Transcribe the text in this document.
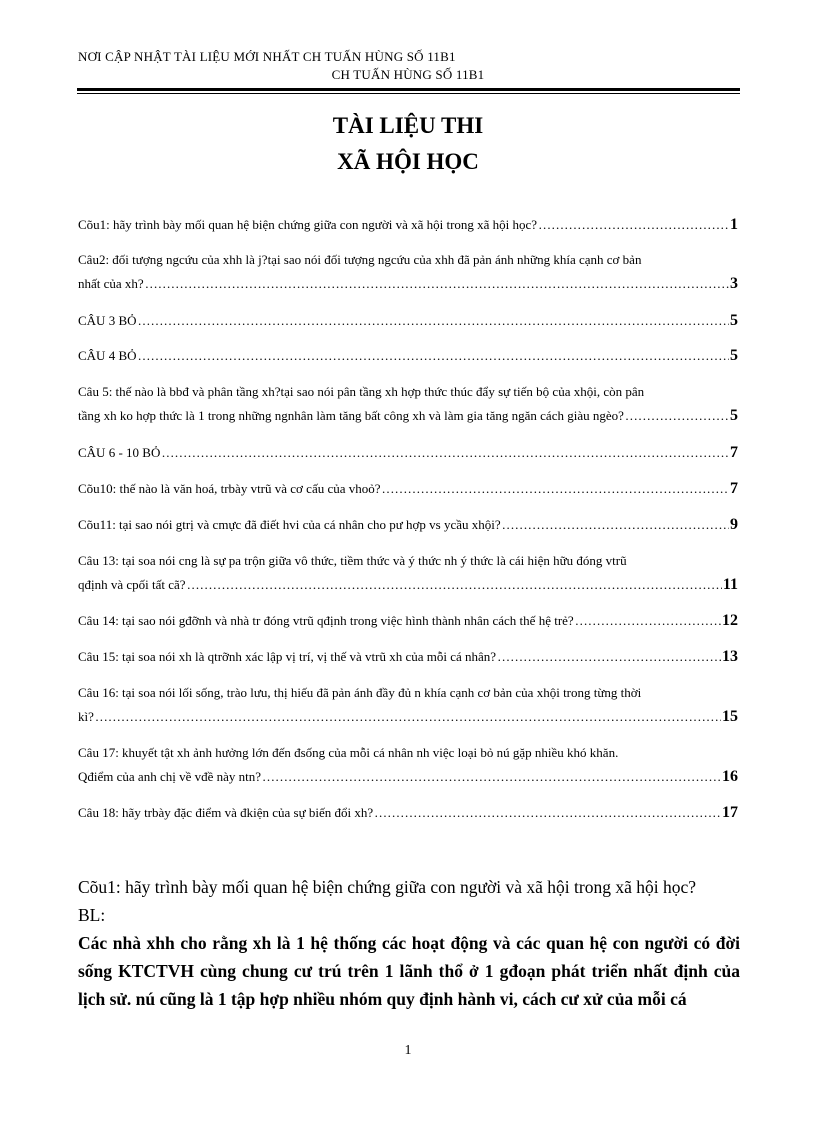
NƠI CẬP NHẬT TÀI LIỆU MỚI NHẤT CH TUẤN HÙNG SỐ 11B1
CH TUẤN HÙNG SỐ 11B1
TÀI LIỆU THI
XÃ HỘI HỌC
Cõu1: hãy trình bày mối quan hệ biện chứng giữa con người và xã hội trong xã hội học? …………………………………………………………………………………………………………………………………………………………………………………………………………………………………………………………………	1
Câu2: đối tượng ngcứu của xhh là j?tại sao nói đối tượng ngcứu của xhh đã pản ánh những khía cạnh cơ bản
nhất của xh? …………………………………………………………………………………………………………………………………………………………………………………………………………………………………………………………………	3
CÂU 3 BỎ …………………………………………………………………………………………………………………………………………………………………………………………………………………………………………………………………	5
CÂU 4 BỎ …………………………………………………………………………………………………………………………………………………………………………………………………………………………………………………………………	5
Câu 5: thế nào là bbđ và phân tầng xh?tại sao nói pân tầng xh hợp thức thúc đẩy sự tiến bộ của xhội, còn pân
tầng xh ko hợp thức là 1 trong những ngnhân làm tăng bất công xh và làm gia tăng ngăn cách giàu ngèo? …………………………………………………………………………………………………………………………………………………………………………………………………………………………………………………………………	5
CÂU 6 - 10 BỎ …………………………………………………………………………………………………………………………………………………………………………………………………………………………………………………………………	7
Cõu10: thế nào là văn hoá, trbày vtrũ và cơ cấu của vhoỏ? …………………………………………………………………………………………………………………………………………………………………………………………………………………………………………………………………	7
Cõu11: tại sao nói gtrị và cmực đã điết hvi của cá nhân cho pư hợp vs ycầu xhội? …………………………………………………………………………………………………………………………………………………………………………………………………………………………………………………………………	9
Câu 13: tại soa nói cng là sự pa trộn giữa vô thức, tiềm thức và ý thức nh ý thức là cái hiện hữu đóng vtrũ
qđịnh và cpối tất cã? …………………………………………………………………………………………………………………………………………………………………………………………………………………………………………………………………	11
Câu 14: tại sao nói gđỡnh và nhà tr đóng vtrũ qđịnh trong việc hình thành nhân cách thế hệ trẻ? …………………………………………………………………………………………………………………………………………………………………………………………………………………………………………………………………	12
Câu 15: tại soa nói xh là qtrỡnh xác lập vị trí, vị thế và vtrũ xh của mỗi cá nhân? …………………………………………………………………………………………………………………………………………………………………………………………………………………………………………………………………	13
Câu 16: tại soa nói lối sống, trào lưu, thị hiếu đã pản ánh đầy đủ n khía cạnh cơ bản của xhội trong từng thời
kì? …………………………………………………………………………………………………………………………………………………………………………………………………………………………………………………………………	15
Câu 17: khuyết tật xh ảnh hưởng lớn đến đsống của mỗi cá nhân nh việc loại bỏ nú gặp nhiều khó khăn.
Qđiểm của anh chị về vđề này ntn? …………………………………………………………………………………………………………………………………………………………………………………………………………………………………………………………………	16
Câu 18: hãy trbày đặc điểm và đkiện của sự biến đổi xh? …………………………………………………………………………………………………………………………………………………………………………………………………………………………………………………………………	17

Cõu1: hãy trình bày mối quan hệ biện chứng giữa con người và xã hội trong xã hội học?

BL:

Các nhà xhh cho rằng xh là 1 hệ thống các hoạt động và các quan hệ con người có đời sống KTCTVH cùng chung cư trú trên 1 lãnh thổ ở 1 gđoạn phát triển nhất định của lịch sử. nú cũng là 1 tập hợp nhiều nhóm quy định hành vi, cách cư xử của mỗi cá

1
